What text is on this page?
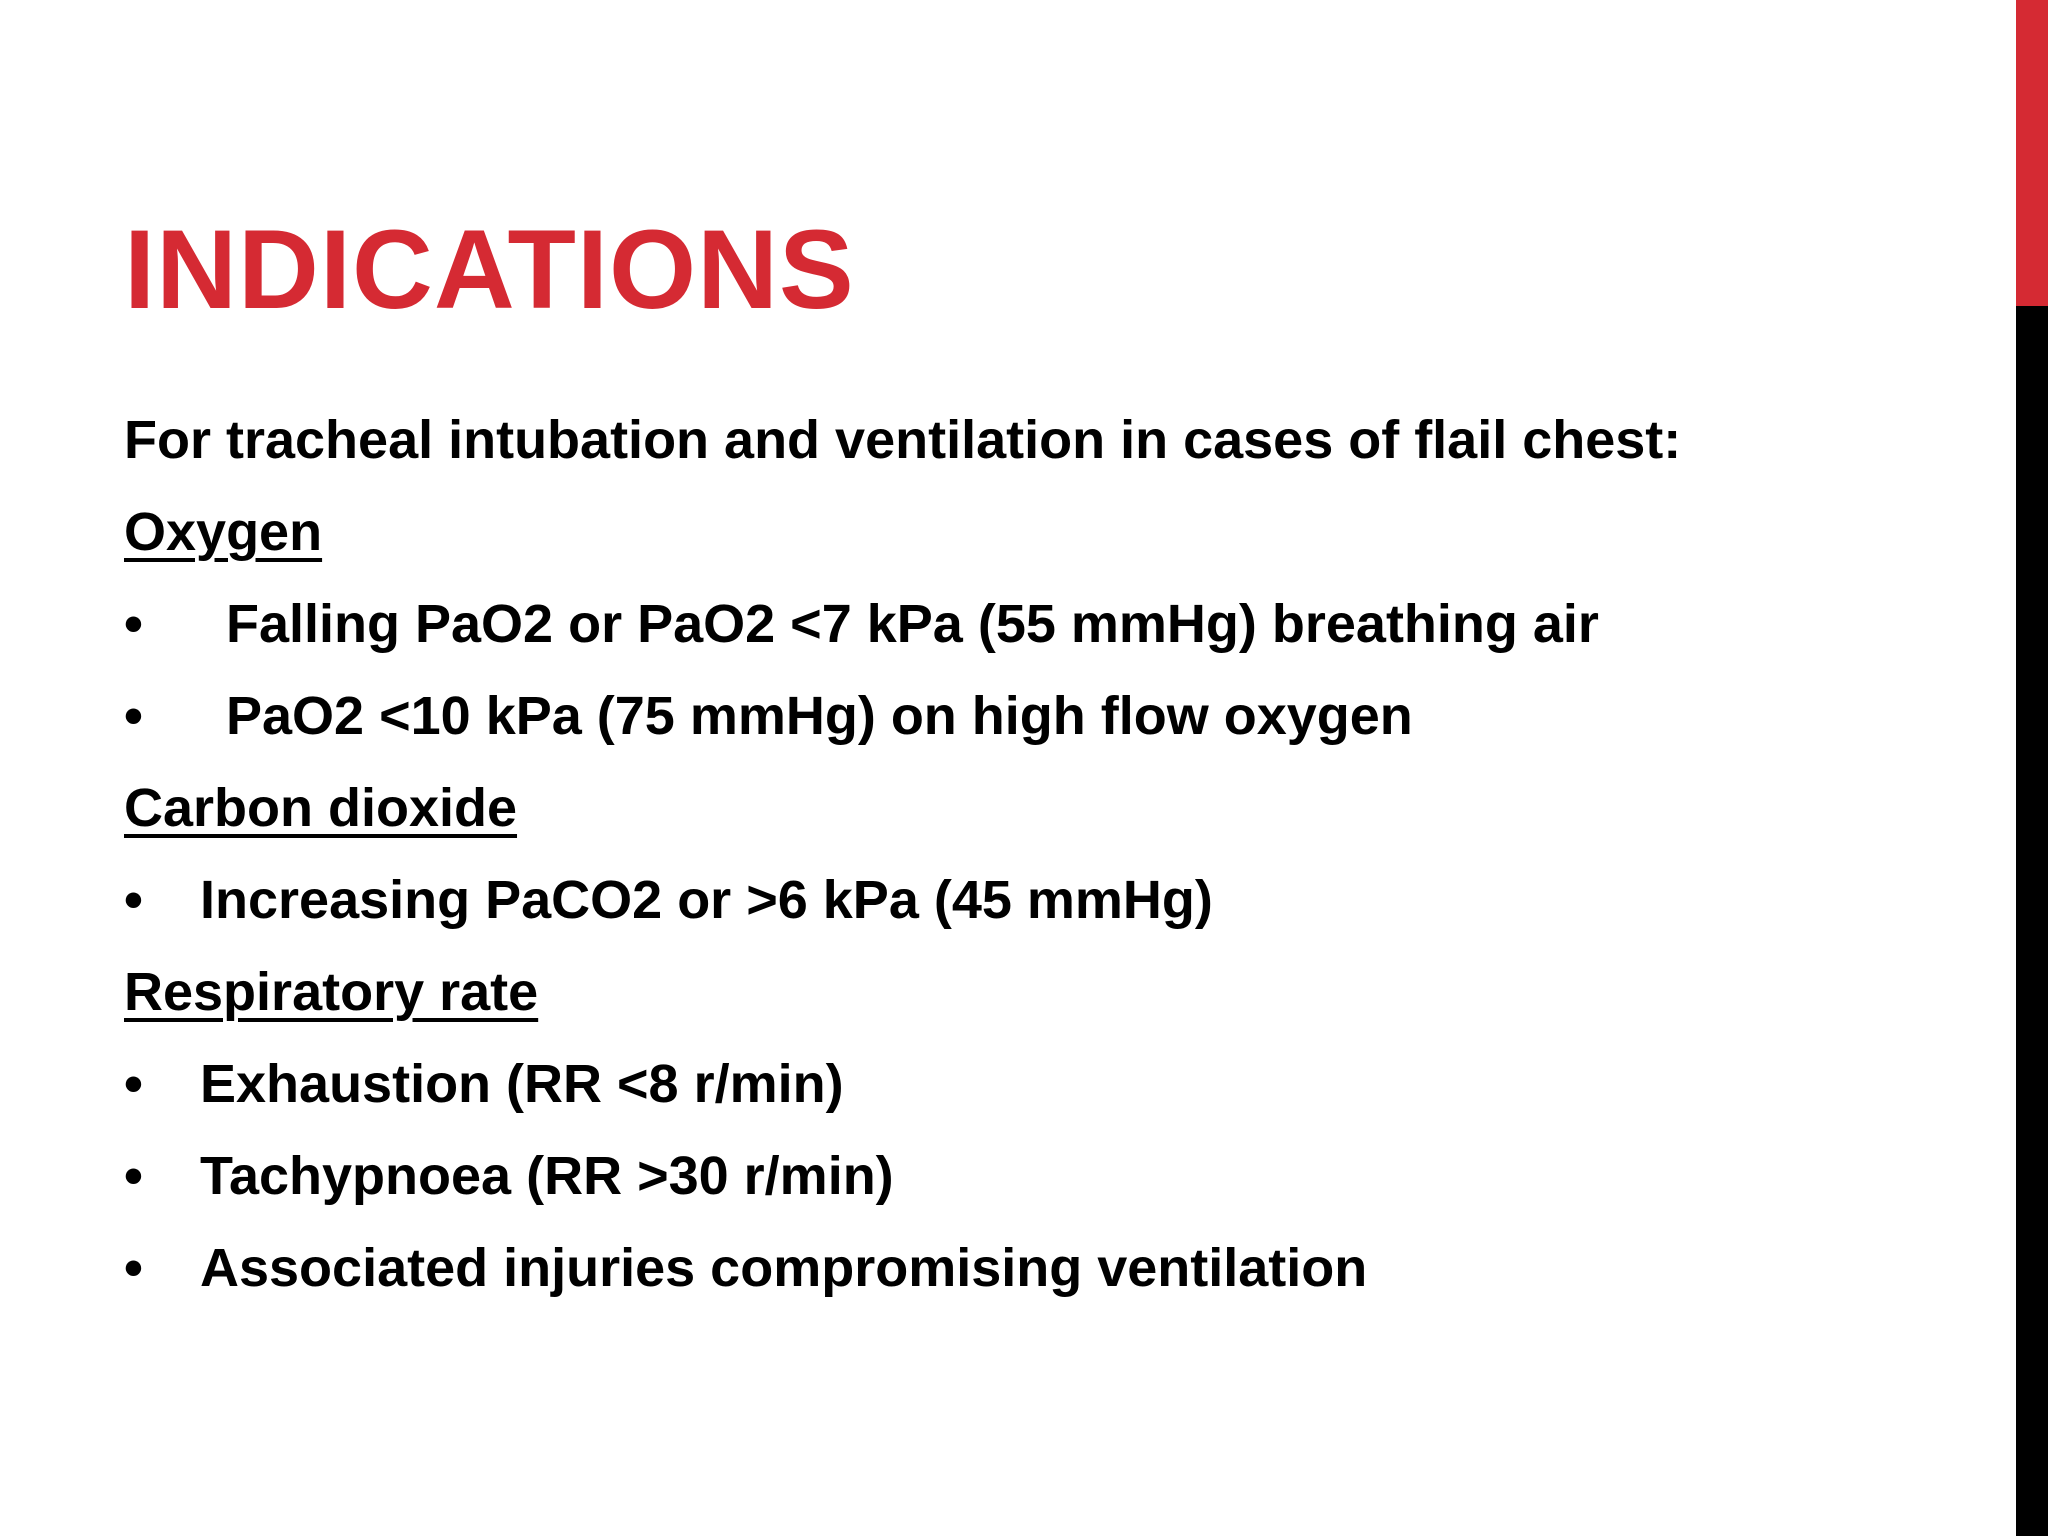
INDICATIONS
For tracheal intubation and ventilation in cases of flail chest:
Oxygen
• Falling PaO2 or PaO2 <7 kPa (55 mmHg) breathing air
• PaO2 <10 kPa (75 mmHg) on high flow oxygen
Carbon dioxide
• Increasing PaCO2 or >6 kPa (45 mmHg)
Respiratory rate
• Exhaustion (RR <8 r/min)
• Tachypnoea (RR >30 r/min)
• Associated injuries compromising ventilation
